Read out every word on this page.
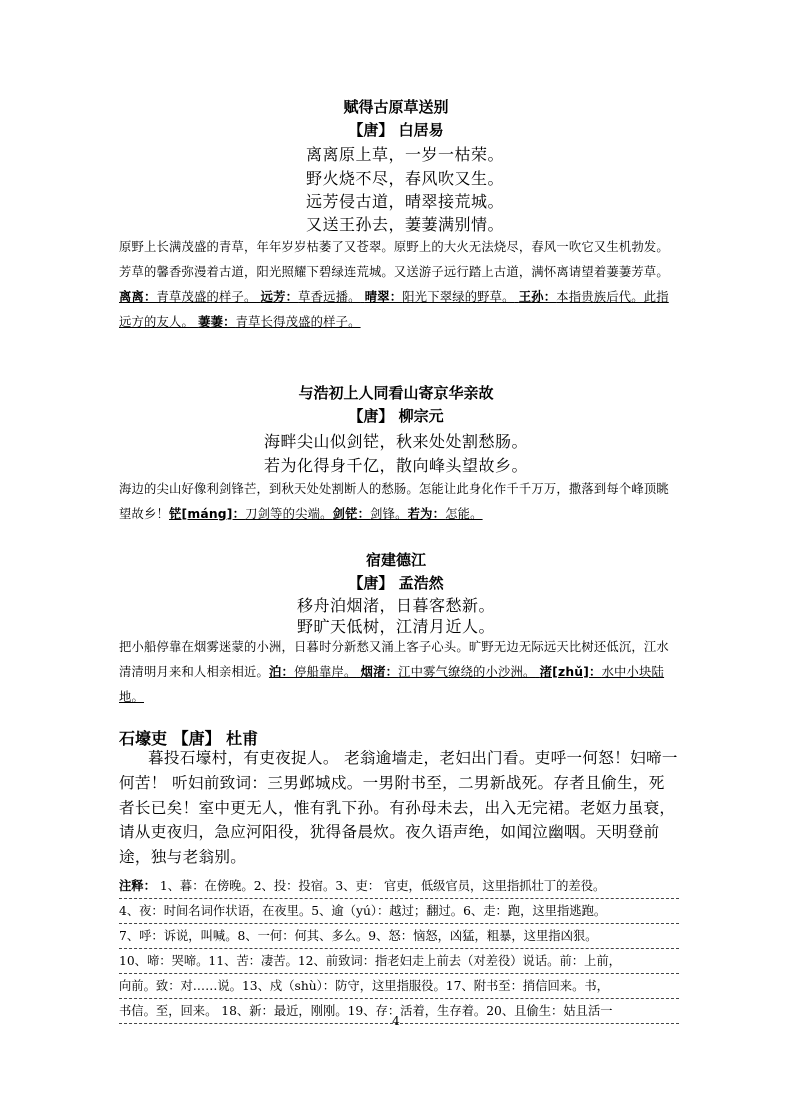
赋得古原草送别
【唐】 白居易
离离原上草，一岁一枯荣。
野火烧不尽，春风吹又生。
远芳侵古道，晴翠接荒城。
又送王孙去，萋萋满别情。
原野上长满茂盛的青草，年年岁岁枯萎了又苍翠。原野上的大火无法烧尽，春风一吹它又生机勃发。芳草的馨香弥漫着古道，阳光照耀下碧绿连荒城。又送游子远行踏上古道，满怀离请望着萋萋芳草。离离：青草茂盛的样子。 远芳：草香远播。 晴翠：阳光下翠绿的野草。 王孙：本指贵族后代。此指远方的友人。 萋萋：青草长得茂盛的样子。
与浩初上人同看山寄京华亲故
【唐】 柳宗元
海畔尖山似剑铓，秋来处处割愁肠。
若为化得身千亿，散向峰头望故乡。
海边的尖山好像利剑锋芒，到秋天处处割断人的愁肠。怎能让此身化作千千万万，撒落到每个峰顶眺望故乡！铓[máng]：刀剑等的尖端。剑铓：剑锋。若为：怎能。
宿建德江
【唐】 孟浩然
移舟泊烟渚，日暮客愁新。
野旷天低树，江清月近人。
把小船停靠在烟雾迷蒙的小洲，日暮时分新愁又涌上客子心头。旷野无边无际远天比树还低沉，江水清清明月来和人相亲相近。泊：停船靠岸。 烟渚：江中雾气缭绕的小沙洲。 渚[zhǔ]：水中小块陆地。
石壕吏 【唐】 杜甫
暮投石壕村，有吏夜捉人。 老翁逾墙走，老妇出门看。吏呼一何怒！妇啼一何苦！ 听妇前致词：三男邺城戍。一男附书至，二男新战死。存者且偷生，死者长已矣！室中更无人，惟有乳下孙。有孙母未去，出入无完裙。老妪力虽衰，请从吏夜归，急应河阳役，犹得备晨炊。夜久语声绝，如闻泣幽咽。天明登前途，独与老翁别。
注释： 1、暮：在傍晚。2、投：投宿。3、吏： 官吏，低级官员，这里指抓壮丁的差役。
4、夜：时间名词作状语，在夜里。5、逾（yú）：越过；翻过。6、走：跑，这里指逃跑。
7、呼：诉说，叫喊。8、一何：何其、多么。9、怒：恼怒，凶猛，粗暴，这里指凶狠。
10、啼：哭啼。11、苦：凄苦。12、前致词：指老妇走上前去（对差役）说话。前：上前，
向前。致：对……说。13、戍（shù）：防守，这里指服役。17、附书至：捎信回来。书，
书信。至，回来。 18、新：最近，刚刚。19、存：活着，生存着。20、且偷生：姑且活一
4
